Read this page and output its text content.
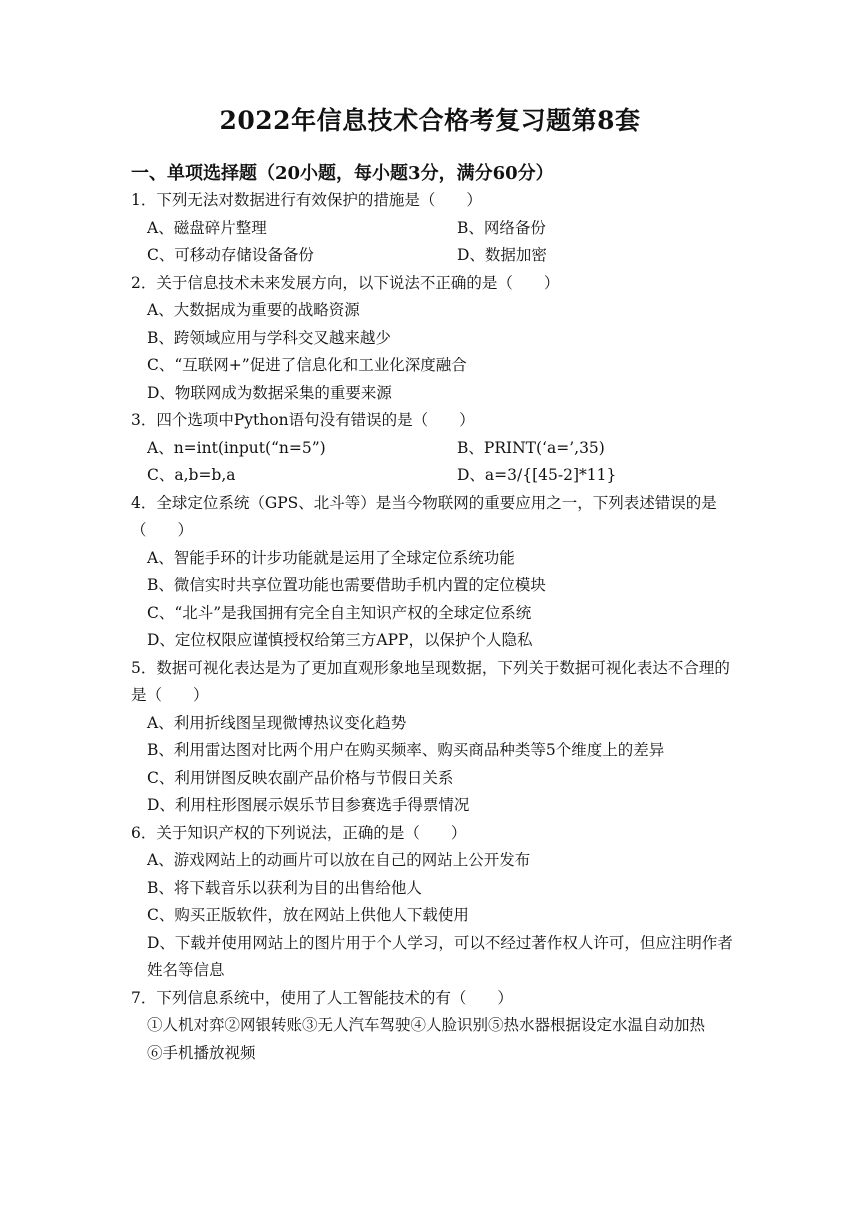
2022年信息技术合格考复习题第8套
一、单项选择题（20小题，每小题3分，满分60分）
1．下列无法对数据进行有效保护的措施是（　　）
A、磁盘碎片整理	B、网络备份
C、可移动存储设备备份	D、数据加密
2．关于信息技术未来发展方向，以下说法不正确的是（　　）
A、大数据成为重要的战略资源
B、跨领域应用与学科交叉越来越少
C、“互联网+”促进了信息化和工业化深度融合
D、物联网成为数据采集的重要来源
3．四个选项中Python语句没有错误的是（　　）
A、n=int(input(“n=5”)	B、PRINT(‘a=’,35)
C、a,b=b,a	D、a=3/{[45-2]*11}
4．全球定位系统（GPS、北斗等）是当今物联网的重要应用之一，下列表述错误的是（　　）
A、智能手环的计步功能就是运用了全球定位系统功能
B、微信实时共享位置功能也需要借助手机内置的定位模块
C、“北斗”是我国拥有完全自主知识产权的全球定位系统
D、定位权限应谨慎授权给第三方APP，以保护个人隐私
5．数据可视化表达是为了更加直观形象地呈现数据，下列关于数据可视化表达不合理的是（　　）
A、利用折线图呈现微博热议变化趋势
B、利用雷达图对比两个用户在购买频率、购买商品种类等5个维度上的差异
C、利用饼图反映农副产品价格与节假日关系
D、利用柱形图展示娱乐节目参赛选手得票情况
6．关于知识产权的下列说法，正确的是（　　）
A、游戏网站上的动画片可以放在自己的网站上公开发布
B、将下载音乐以获利为目的出售给他人
C、购买正版软件，放在网站上供他人下载使用
D、下载并使用网站上的图片用于个人学习，可以不经过著作权人许可，但应注明作者姓名等信息
7．下列信息系统中，使用了人工智能技术的有（　　）
①人机对弈②网银转账③无人汽车驾驶④人脸识别⑤热水器根据设定水温自动加热
⑥手机播放视频
